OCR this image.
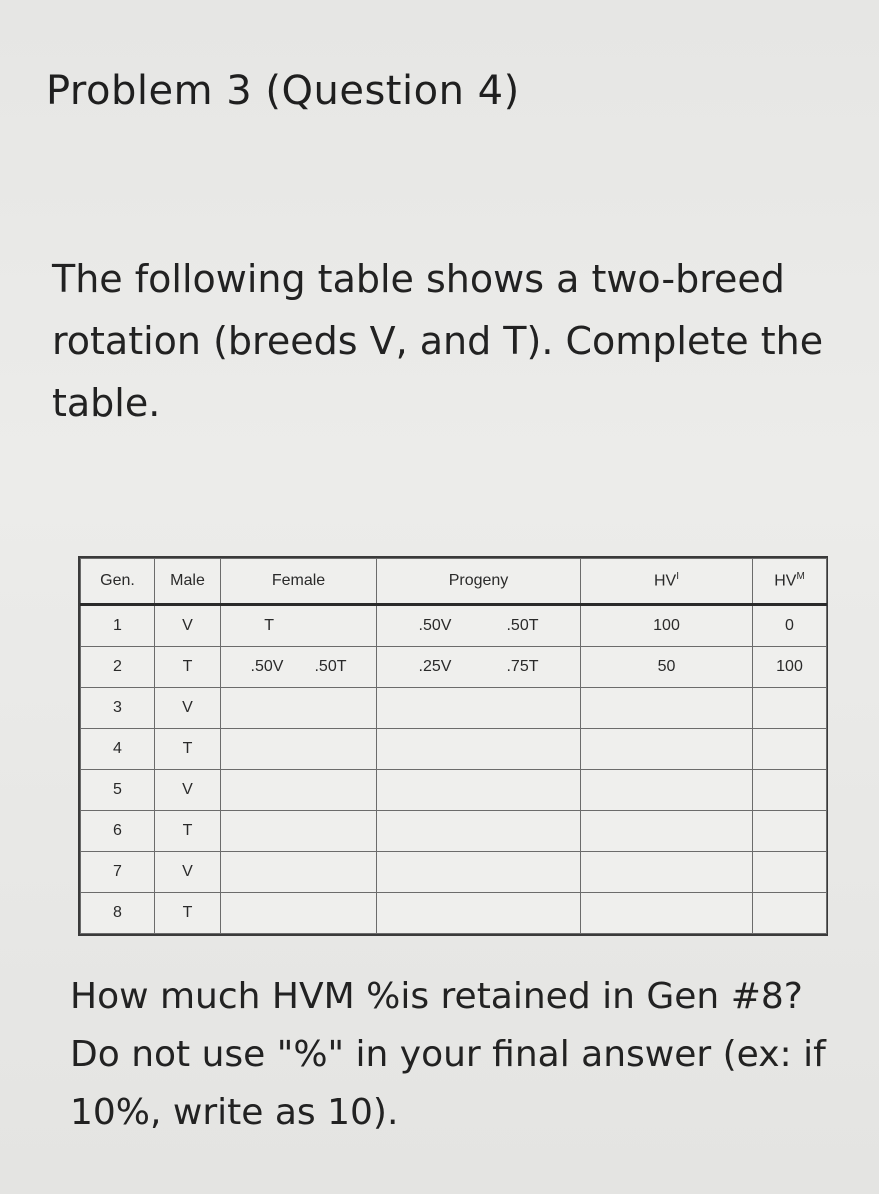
Problem 3 (Question 4)
The following table shows a two-breed rotation (breeds V, and T). Complete the table.
Gen.	Male	Female	Progeny	$HV^I$	$HV^M$
1	V	T	.50V .50T	100	0
2	T	.50V .50T	.25V .75T	50	100
3	V	

4	T	

5	V	

6	T	

7	V	

8	T	

How much HVM %is retained in Gen #8? Do not use "%" in your final answer (ex: if 10%, write as 10).
